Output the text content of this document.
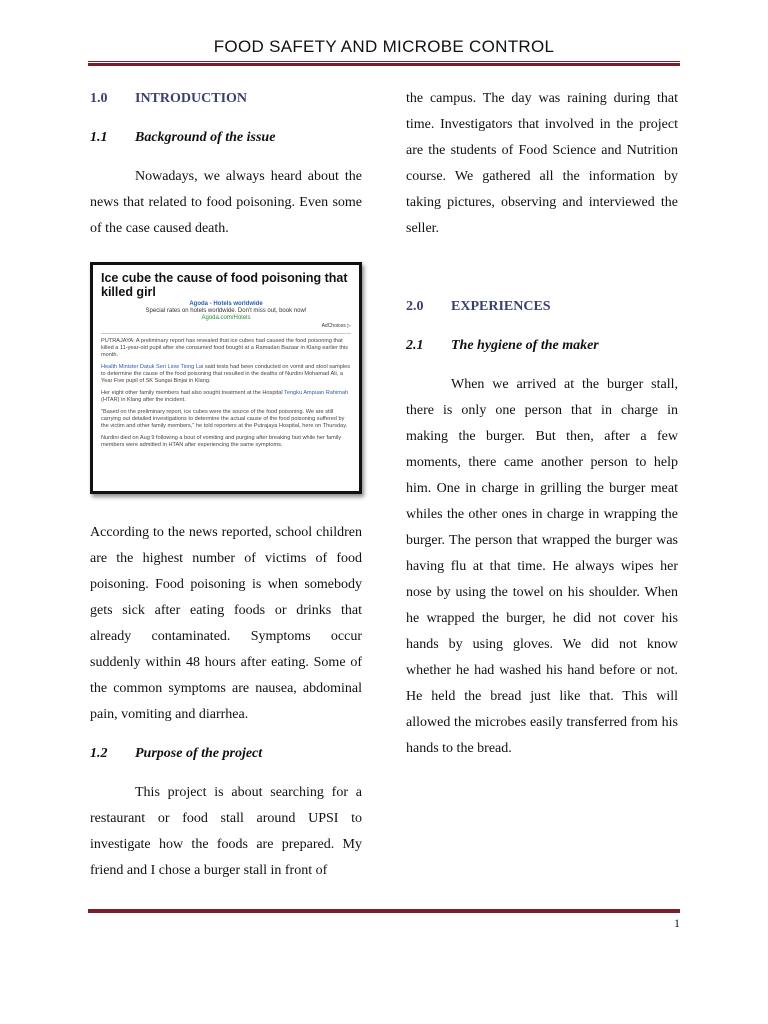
FOOD SAFETY AND MICROBE CONTROL
1.0 INTRODUCTION
1.1 Background of the issue

Nowadays, we always heard about the news that related to food poisoning. Even some of the case caused death.

Ice cube the cause of food poisoning that killed girl
Agoda - Hotels worldwide
Special rates on hotels worldwide. Don't miss out, book now!
Agoda.com/Hotels
AdChoices ▷

PUTRAJAYA: A preliminary report has revealed that ice cubes had caused the food poisoning that killed a 11-year-old pupil after she consumed food bought at a Ramadan Bazaar in Klang earlier this month.

Health Minister Datuk Seri Liow Tiong Lai said tests had been conducted on vomit and stool samples to determine the cause of the food poisoning that resulted in the deaths of Nurdini Mohamad Ali, a Year Five pupil of SK Sungai Binjai in Klang.

Her eight other family members had also sought treatment at the Hospital Tengku Ampuan Rahimah (HTAR) in Klang after the incident.

"Based on the preliminary report, ice cubes were the source of the food poisoning. We are still carrying out detailed investigations to determine the actual cause of the food poisoning suffered by the victim and other family members," he told reporters at the Putrajaya Hospital, here on Thursday.

Nurdini died on Aug 9 following a bout of vomiting and purging after breaking fast while her family members were admitted in HTAN after experiencing the same symptoms.

According to the news reported, school children are the highest number of victims of food poisoning. Food poisoning is when somebody gets sick after eating foods or drinks that already contaminated. Symptoms occur suddenly within 48 hours after eating. Some of the common symptoms are nausea, abdominal pain, vomiting and diarrhea.

1.2 Purpose of the project

This project is about searching for a restaurant or food stall around UPSI to investigate how the foods are prepared. My friend and I chose a burger stall in front of

the campus. The day was raining during that time. Investigators that involved in the project are the students of Food Science and Nutrition course. We gathered all the information by taking pictures, observing and interviewed the seller.

2.0 EXPERIENCES
2.1 The hygiene of the maker

When we arrived at the burger stall, there is only one person that in charge in making the burger. But then, after a few moments, there came another person to help him. One in charge in grilling the burger meat whiles the other ones in charge in wrapping the burger. The person that wrapped the burger was having flu at that time. He always wipes her nose by using the towel on his shoulder. When he wrapped the burger, he did not cover his hands by using gloves. We did not know whether he had washed his hand before or not. He held the bread just like that. This will allowed the microbes easily transferred from his hands to the bread.

1
